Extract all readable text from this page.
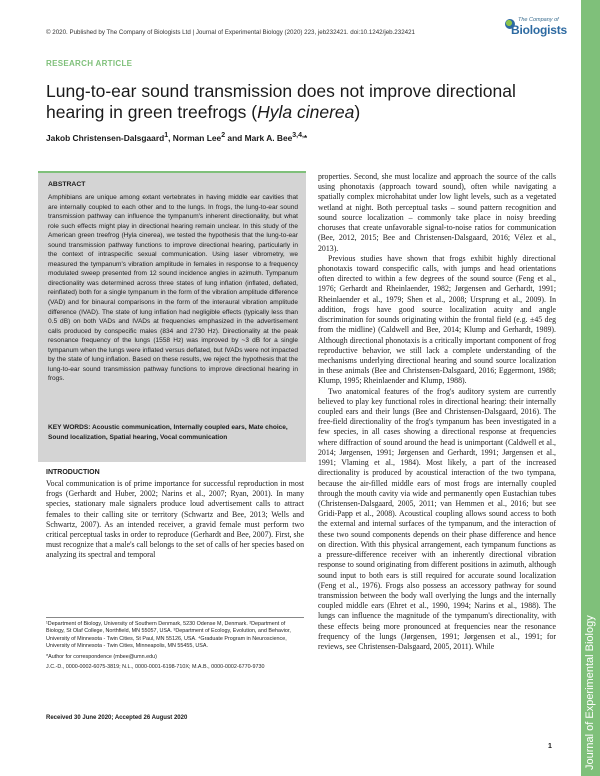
© 2020. Published by The Company of Biologists Ltd | Journal of Experimental Biology (2020) 223, jeb232421. doi:10.1242/jeb.232421
The Company of
Biologists
RESEARCH ARTICLE
Lung-to-ear sound transmission does not improve directional hearing in green treefrogs (Hyla cinerea)
Jakob Christensen-Dalsgaard$^1$, Norman Lee$^2$ and Mark A. Bee$^{3,4,}$*
ABSTRACT
Amphibians are unique among extant vertebrates in having middle ear cavities that are internally coupled to each other and to the lungs. In frogs, the lung-to-ear sound transmission pathway can influence the tympanum's inherent directionality, but what role such effects might play in directional hearing remain unclear. In this study of the American green treefrog (Hyla cinerea), we tested the hypothesis that the lung-to-ear sound transmission pathway functions to improve directional hearing, particularly in the context of intraspecific sexual communication. Using laser vibrometry, we measured the tympanum's vibration amplitude in females in response to a frequency modulated sweep presented from 12 sound incidence angles in azimuth. Tympanum directionality was determined across three states of lung inflation (inflated, deflated, reinflated) both for a single tympanum in the form of the vibration amplitude difference (VAD) and for binaural comparisons in the form of the interaural vibration amplitude difference (IVAD). The state of lung inflation had negligible effects (typically less than 0.5 dB) on both VADs and IVADs at frequencies emphasized in the advertisement calls produced by conspecific males (834 and 2730 Hz). Directionality at the peak resonance frequency of the lungs (1558 Hz) was improved by ~3 dB for a single tympanum when the lungs were inflated versus deflated, but IVADs were not impacted by the state of lung inflation. Based on these results, we reject the hypothesis that the lung-to-ear sound transmission pathway functions to improve directional hearing in frogs.
KEY WORDS: Acoustic communication, Internally coupled ears, Mate choice, Sound localization, Spatial hearing, Vocal communication
INTRODUCTION
Vocal communication is of prime importance for successful reproduction in most frogs (Gerhardt and Huber, 2002; Narins et al., 2007; Ryan, 2001). In many species, stationary male signalers produce loud advertisement calls to attract females to their calling site or territory (Schwartz and Bee, 2013; Wells and Schwartz, 2007). As an intended receiver, a gravid female must perform two critical perceptual tasks in order to reproduce (Gerhardt and Bee, 2007). First, she must recognize that a male's call belongs to the set of calls of her species based on analyzing its spectral and temporal

¹Department of Biology, University of Southern Denmark, 5230 Odense M, Denmark. ²Department of Biology, St Olaf College, Northfield, MN 55057, USA. ³Department of Ecology, Evolution, and Behavior, University of Minnesota - Twin Cities, St Paul, MN 55126, USA. ⁴Graduate Program in Neuroscience, University of Minnesota - Twin Cities, Minneapolis, MN 55455, USA.

*Author for correspondence (mbee@umn.edu)

J.C.-D., 0000-0002-6075-3819; N.L., 0000-0001-6198-710X; M.A.B., 0000-0002-6770-9730

Received 30 June 2020; Accepted 26 August 2020

properties. Second, she must localize and approach the source of the calls using phonotaxis (approach toward sound), often while navigating a spatially complex microhabitat under low light levels, such as a vegetated wetland at night. Both perceptual tasks – sound pattern recognition and sound source localization – commonly take place in noisy breeding choruses that create unfavorable signal-to-noise ratios for communication (Bee, 2012, 2015; Bee and Christensen-Dalsgaard, 2016; Vélez et al., 2013).

Previous studies have shown that frogs exhibit highly directional phonotaxis toward conspecific calls, with jumps and head orientations often directed to within a few degrees of the sound source (Feng et al., 1976; Gerhardt and Rheinlaender, 1982; Jørgensen and Gerhardt, 1991; Rheinlaender et al., 1979; Shen et al., 2008; Ursprung et al., 2009). In addition, frogs have good source localization acuity and angle discrimination for sounds originating within the frontal field (e.g. ±45 deg from the midline) (Caldwell and Bee, 2014; Klump and Gerhardt, 1989). Although directional phonotaxis is a critically important component of frog reproductive behavior, we still lack a complete understanding of the mechanisms underlying directional hearing and sound source localization in these animals (Bee and Christensen-Dalsgaard, 2016; Eggermont, 1988; Klump, 1995; Rheinlaender and Klump, 1988).

Two anatomical features of the frog's auditory system are currently believed to play key functional roles in directional hearing: their internally coupled ears and their lungs (Bee and Christensen-Dalsgaard, 2016). The free-field directionality of the frog's tympanum has been investigated in a few species, in all cases showing a directional response at frequencies where diffraction of sound around the head is unimportant (Caldwell et al., 2014; Jørgensen, 1991; Jørgensen and Gerhardt, 1991; Jørgensen et al., 1991; Vlaming et al., 1984). Most likely, a part of the increased directionality is produced by acoustical interaction of the two tympana, because the air-filled middle ears of most frogs are internally coupled through the mouth cavity via wide and permanently open Eustachian tubes (Christensen-Dalsgaard, 2005, 2011; van Hemmen et al., 2016; but see Gridi-Papp et al., 2008). Acoustical coupling allows sound access to both the external and internal surfaces of the tympanum, and the interaction of these two sound components depends on their phase difference and hence on direction. With this physical arrangement, each tympanum functions as a pressure-difference receiver with an inherently directional vibration response to sound originating from different positions in azimuth, although sound input to both ears is still required for accurate sound localization (Feng et al., 1976). Frogs also possess an accessory pathway for sound transmission between the body wall overlying the lungs and the internally coupled middle ears (Ehret et al., 1990, 1994; Narins et al., 1988). The lungs can influence the magnitude of the tympanum's directionality, with these effects being more pronounced at frequencies near the resonance frequency of the lungs (Jørgensen, 1991; Jørgensen et al., 1991; for reviews, see Christensen-Dalsgaard, 2005, 2011). While	Journal of Experimental Biology
1
